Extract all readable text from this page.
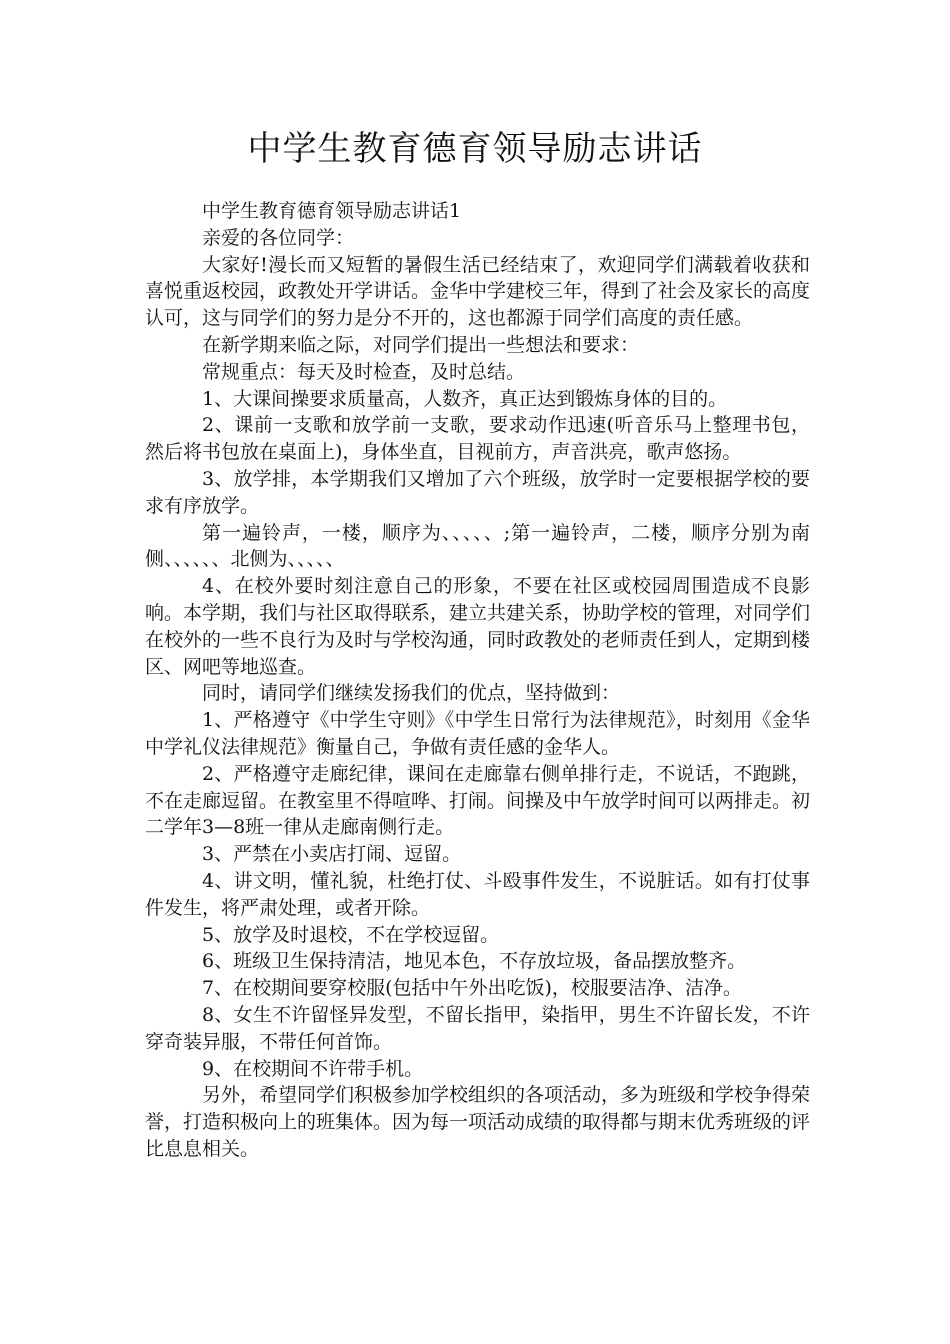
中学生教育德育领导励志讲话

中学生教育德育领导励志讲话1

亲爱的各位同学：

大家好!漫长而又短暂的暑假生活已经结束了，欢迎同学们满载着收获和喜悦重返校园，政教处开学讲话。金华中学建校三年，得到了社会及家长的高度认可，这与同学们的努力是分不开的，这也都源于同学们高度的责任感。

在新学期来临之际，对同学们提出一些想法和要求：

常规重点：每天及时检查，及时总结。

1、大课间操要求质量高，人数齐，真正达到锻炼身体的目的。

2、课前一支歌和放学前一支歌，要求动作迅速(听音乐马上整理书包，然后将书包放在桌面上)，身体坐直，目视前方，声音洪亮，歌声悠扬。

3、放学排，本学期我们又增加了六个班级，放学时一定要根据学校的要求有序放学。

第一遍铃声，一楼，顺序为、、、、、;第一遍铃声，二楼，顺序分别为南侧、、、、、、北侧为、、、、、

4、在校外要时刻注意自己的形象，不要在社区或校园周围造成不良影响。本学期，我们与社区取得联系，建立共建关系，协助学校的管理，对同学们在校外的一些不良行为及时与学校沟通，同时政教处的老师责任到人，定期到楼区、网吧等地巡查。

同时，请同学们继续发扬我们的优点，坚持做到：

1、严格遵守《中学生守则》《中学生日常行为法律规范》，时刻用《金华中学礼仪法律规范》衡量自己，争做有责任感的金华人。

2、严格遵守走廊纪律，课间在走廊靠右侧单排行走，不说话，不跑跳，不在走廊逗留。在教室里不得喧哗、打闹。间操及中午放学时间可以两排走。初二学年3—8班一律从走廊南侧行走。

3、严禁在小卖店打闹、逗留。

4、讲文明，懂礼貌，杜绝打仗、斗殴事件发生，不说脏话。如有打仗事件发生，将严肃处理，或者开除。

5、放学及时退校，不在学校逗留。

6、班级卫生保持清洁，地见本色，不存放垃圾，备品摆放整齐。

7、在校期间要穿校服(包括中午外出吃饭)，校服要洁净、洁净。

8、女生不许留怪异发型，不留长指甲，染指甲，男生不许留长发，不许穿奇装异服，不带任何首饰。

9、在校期间不许带手机。

另外，希望同学们积极参加学校组织的各项活动，多为班级和学校争得荣誉，打造积极向上的班集体。因为每一项活动成绩的取得都与期末优秀班级的评比息息相关。
